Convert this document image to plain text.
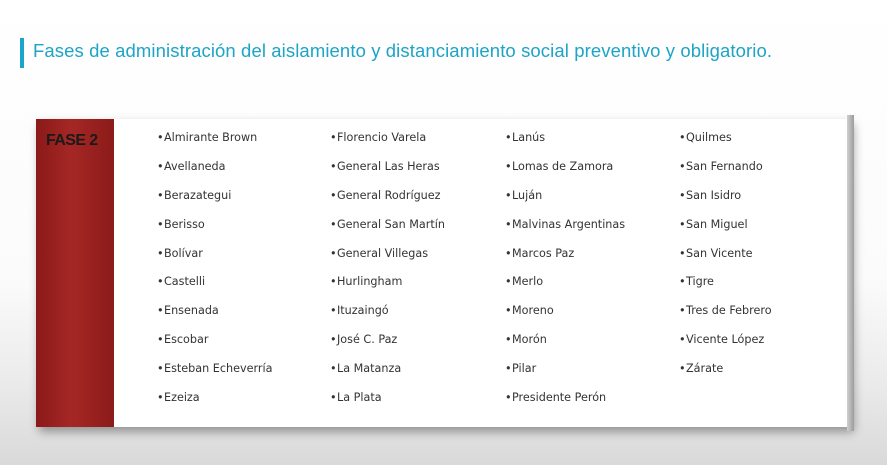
Fases de administración del aislamiento y distanciamiento social preventivo y obligatorio.

FASE 2	•Almirante Brown
•Avellaneda
•Berazategui
•Berisso
•Bolívar
•Castelli
•Ensenada
•Escobar
•Esteban Echeverría
•Ezeiza
•Florencio Varela
•General Las Heras
•General Rodríguez
•General San Martín
•General Villegas
•Hurlingham
•Ituzaingó
•José C. Paz
•La Matanza
•La Plata
•Lanús
•Lomas de Zamora
•Luján
•Malvinas Argentinas
•Marcos Paz
•Merlo
•Moreno
•Morón
•Pilar
•Presidente Perón
•Quilmes
•San Fernando
•San Isidro
•San Miguel
•San Vicente
•Tigre
•Tres de Febrero
•Vicente López
•Zárate
